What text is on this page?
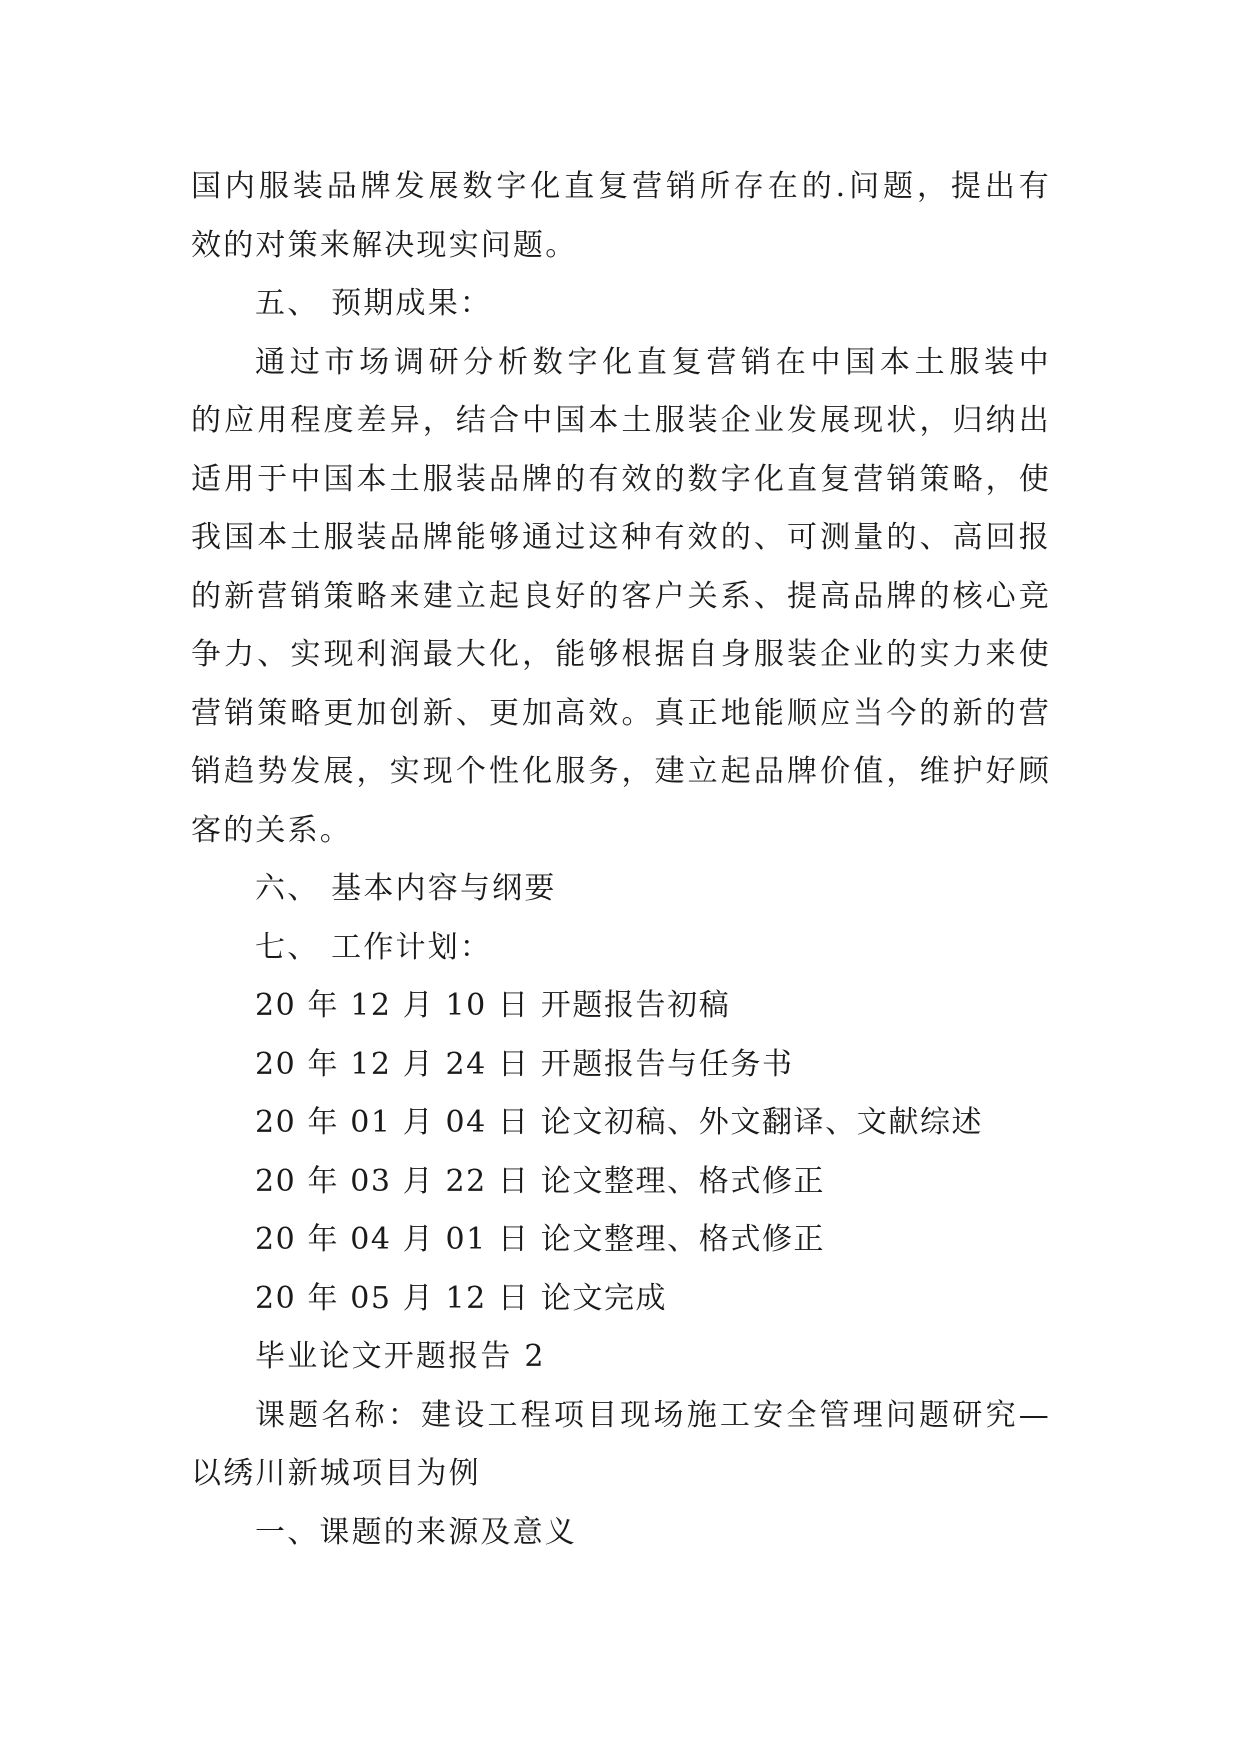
国内服装品牌发展数字化直复营销所存在的.问题，提出有
效的对策来解决现实问题。
五、 预期成果：
通过市场调研分析数字化直复营销在中国本土服装中
的应用程度差异，结合中国本土服装企业发展现状，归纳出
适用于中国本土服装品牌的有效的数字化直复营销策略，使
我国本土服装品牌能够通过这种有效的、可测量的、高回报
的新营销策略来建立起良好的客户关系、提高品牌的核心竞
争力、实现利润最大化，能够根据自身服装企业的实力来使
营销策略更加创新、更加高效。真正地能顺应当今的新的营
销趋势发展，实现个性化服务，建立起品牌价值，维护好顾
客的关系。
六、 基本内容与纲要
七、 工作计划：
20 年 12 月 10 日 开题报告初稿
20 年 12 月 24 日 开题报告与任务书
20 年 01 月 04 日 论文初稿、外文翻译、文献综述
20 年 03 月 22 日 论文整理、格式修正
20 年 04 月 01 日 论文整理、格式修正
20 年 05 月 12 日 论文完成
毕业论文开题报告 2
课题名称：建设工程项目现场施工安全管理问题研究—
以绣川新城项目为例
一、课题的来源及意义
